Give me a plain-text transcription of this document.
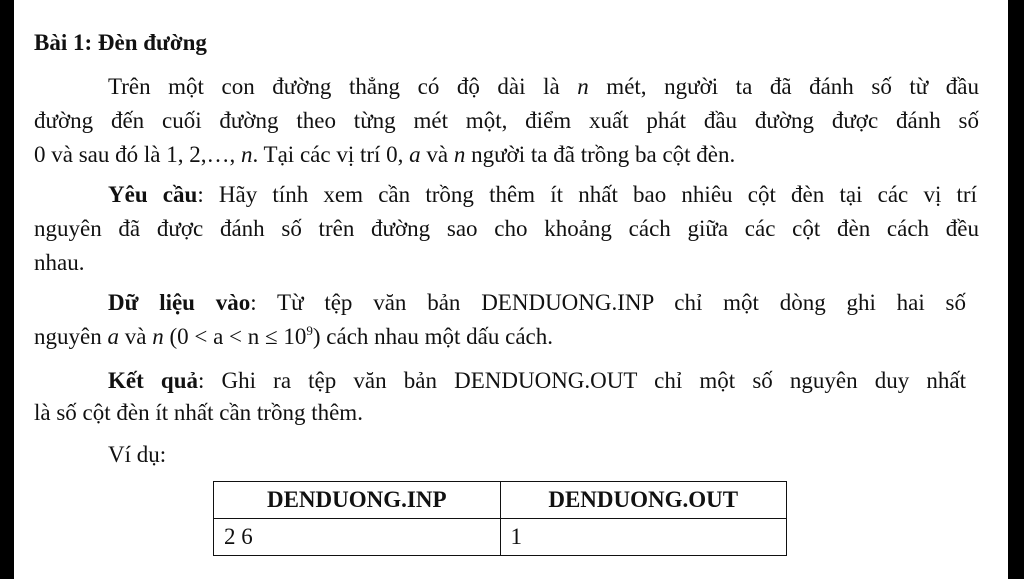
Bài 1: Đèn đường
Trên một con đường thẳng có độ dài là n mét, người ta đã đánh số từ đầu
đường đến cuối đường theo từng mét một, điểm xuất phát đầu đường được đánh số
0 và sau đó là 1, 2,…, n. Tại các vị trí 0, a và n người ta đã trồng ba cột đèn.
Yêu cầu: Hãy tính xem cần trồng thêm ít nhất bao nhiêu cột đèn tại các vị trí
nguyên đã được đánh số trên đường sao cho khoảng cách giữa các cột đèn cách đều
nhau.
Dữ liệu vào: Từ tệp văn bản DENDUONG.INP chỉ một dòng ghi hai số
nguyên a và n $(0 < a < n \le 10^9)$ cách nhau một dấu cách.
Kết quả: Ghi ra tệp văn bản DENDUONG.OUT chỉ một số nguyên duy nhất
là số cột đèn ít nhất cần trồng thêm.
Ví dụ:
DENDUONG.INP	DENDUONG.OUT
2 6	1
